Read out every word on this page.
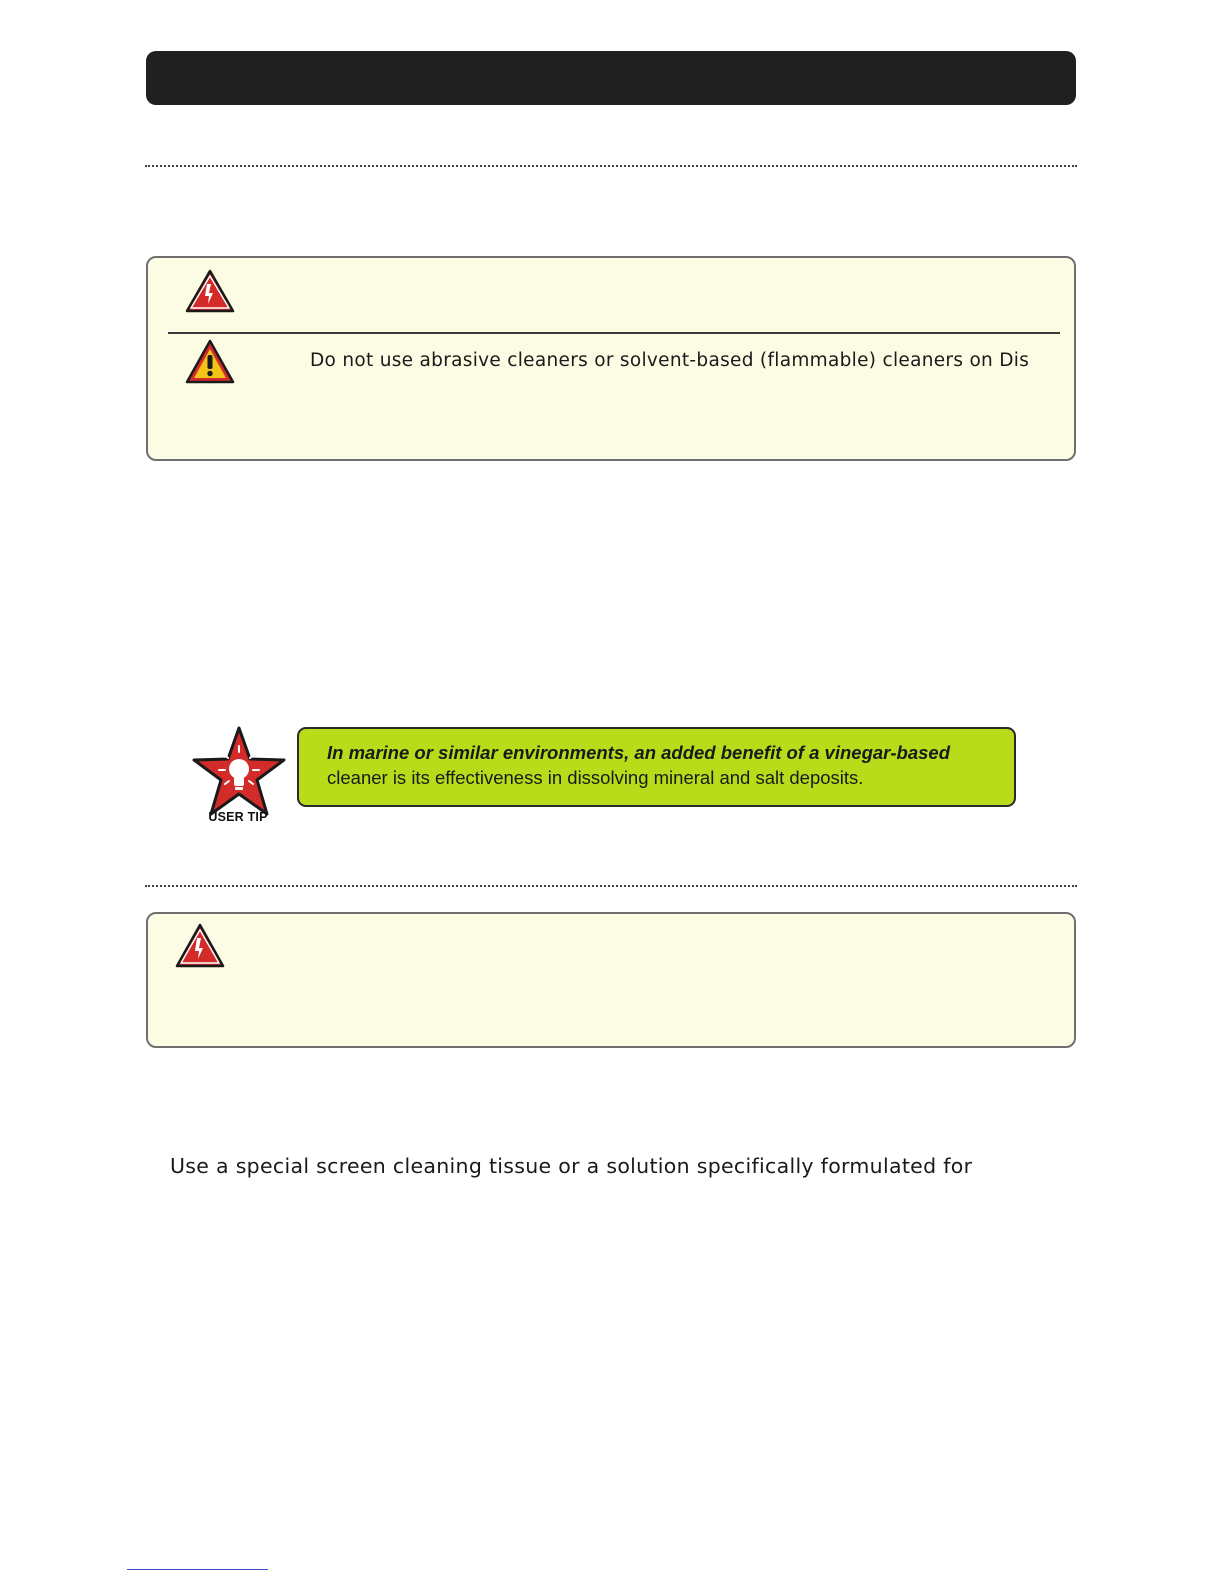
Do not use abrasive cleaners or solvent-based (flammable) cleaners on Dis
USER TIP
In marine or similar environments, an added benefit of a vinegar-based
cleaner is its effectiveness in dissolving mineral and salt deposits.
Use a special screen cleaning tissue or a solution specifically formulated for
